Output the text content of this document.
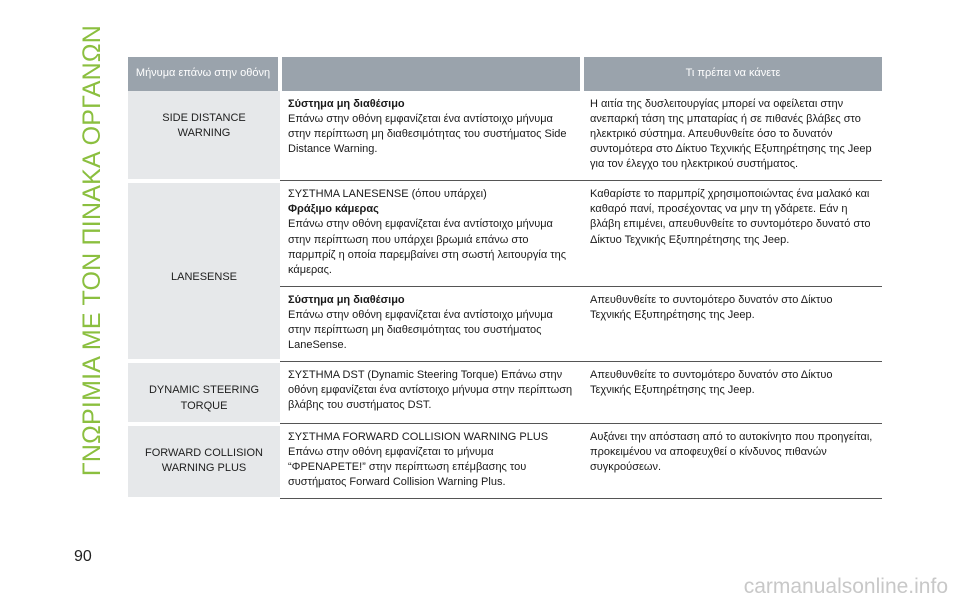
ΓΝΩΡΙΜΙΑ ΜΕ ΤΟΝ ΠΙΝΑΚΑ ΟΡΓΑΝΩΝ	Μήνυμα επάνω στην οθόνη		Τι πρέπει να κάνετε
SIDE DISTANCE WARNING	Σύστημα μη διαθέσιμο
Επάνω στην οθόνη εμφανίζεται ένα αντίστοιχο μήνυμα στην περίπτωση μη διαθεσιμότητας του συστήματος Side Distance Warning.	Η αιτία της δυσλειτουργίας μπορεί να οφείλεται στην ανεπαρκή τάση της μπαταρίας ή σε πιθανές βλάβες στο ηλεκτρικό σύστημα. Απευθυνθείτε όσο το δυνατόν συντομότερα στο Δίκτυο Τεχνικής Εξυπηρέτησης της Jeep για τον έλεγχο του ηλεκτρικού συστήματος.
LANESENSE	ΣΥΣΤΗΜΑ LANESENSE (όπου υπάρχει)
Φράξιμο κάμερας
Επάνω στην οθόνη εμφανίζεται ένα αντίστοιχο μήνυμα στην περίπτωση που υπάρχει βρωμιά επάνω στο παρμπρίζ η οποία παρεμβαίνει στη σωστή λειτουργία της κάμερας.	Καθαρίστε το παρμπρίζ χρησιμοποιώντας ένα μαλακό και καθαρό πανί, προσέχοντας να μην τη γδάρετε. Εάν η βλάβη επιμένει, απευθυνθείτε το συντομότερο δυνατό στο Δίκτυο Τεχνικής Εξυπηρέτησης της Jeep.

	Σύστημα μη διαθέσιμο
Επάνω στην οθόνη εμφανίζεται ένα αντίστοιχο μήνυμα στην περίπτωση μη διαθεσιμότητας του συστήματος LaneSense.	Απευθυνθείτε το συντομότερο δυνατόν στο Δίκτυο Τεχνικής Εξυπηρέτησης της Jeep.
DYNAMIC STEERING TORQUE	ΣΥΣΤΗΜΑ DST (Dynamic Steering Torque) Επάνω στην οθόνη εμφανίζεται ένα αντίστοιχο μήνυμα στην περίπτωση βλάβης του συστήματος DST.	Απευθυνθείτε το συντομότερο δυνατόν στο Δίκτυο Τεχνικής Εξυπηρέτησης της Jeep.
FORWARD COLLISION WARNING PLUS	ΣΥΣΤΗΜΑ FORWARD COLLISION WARNING PLUS
Επάνω στην οθόνη εμφανίζεται το μήνυμα “ΦΡΕΝΑΡΕΤΕ!” στην περίπτωση επέμβασης του συστήματος Forward Collision Warning Plus.	Αυξάνει την απόσταση από το αυτοκίνητο που προηγείται, προκειμένου να αποφευχθεί ο κίνδυνος πιθανών συγκρούσεων.
90
carmanualsonline.info
